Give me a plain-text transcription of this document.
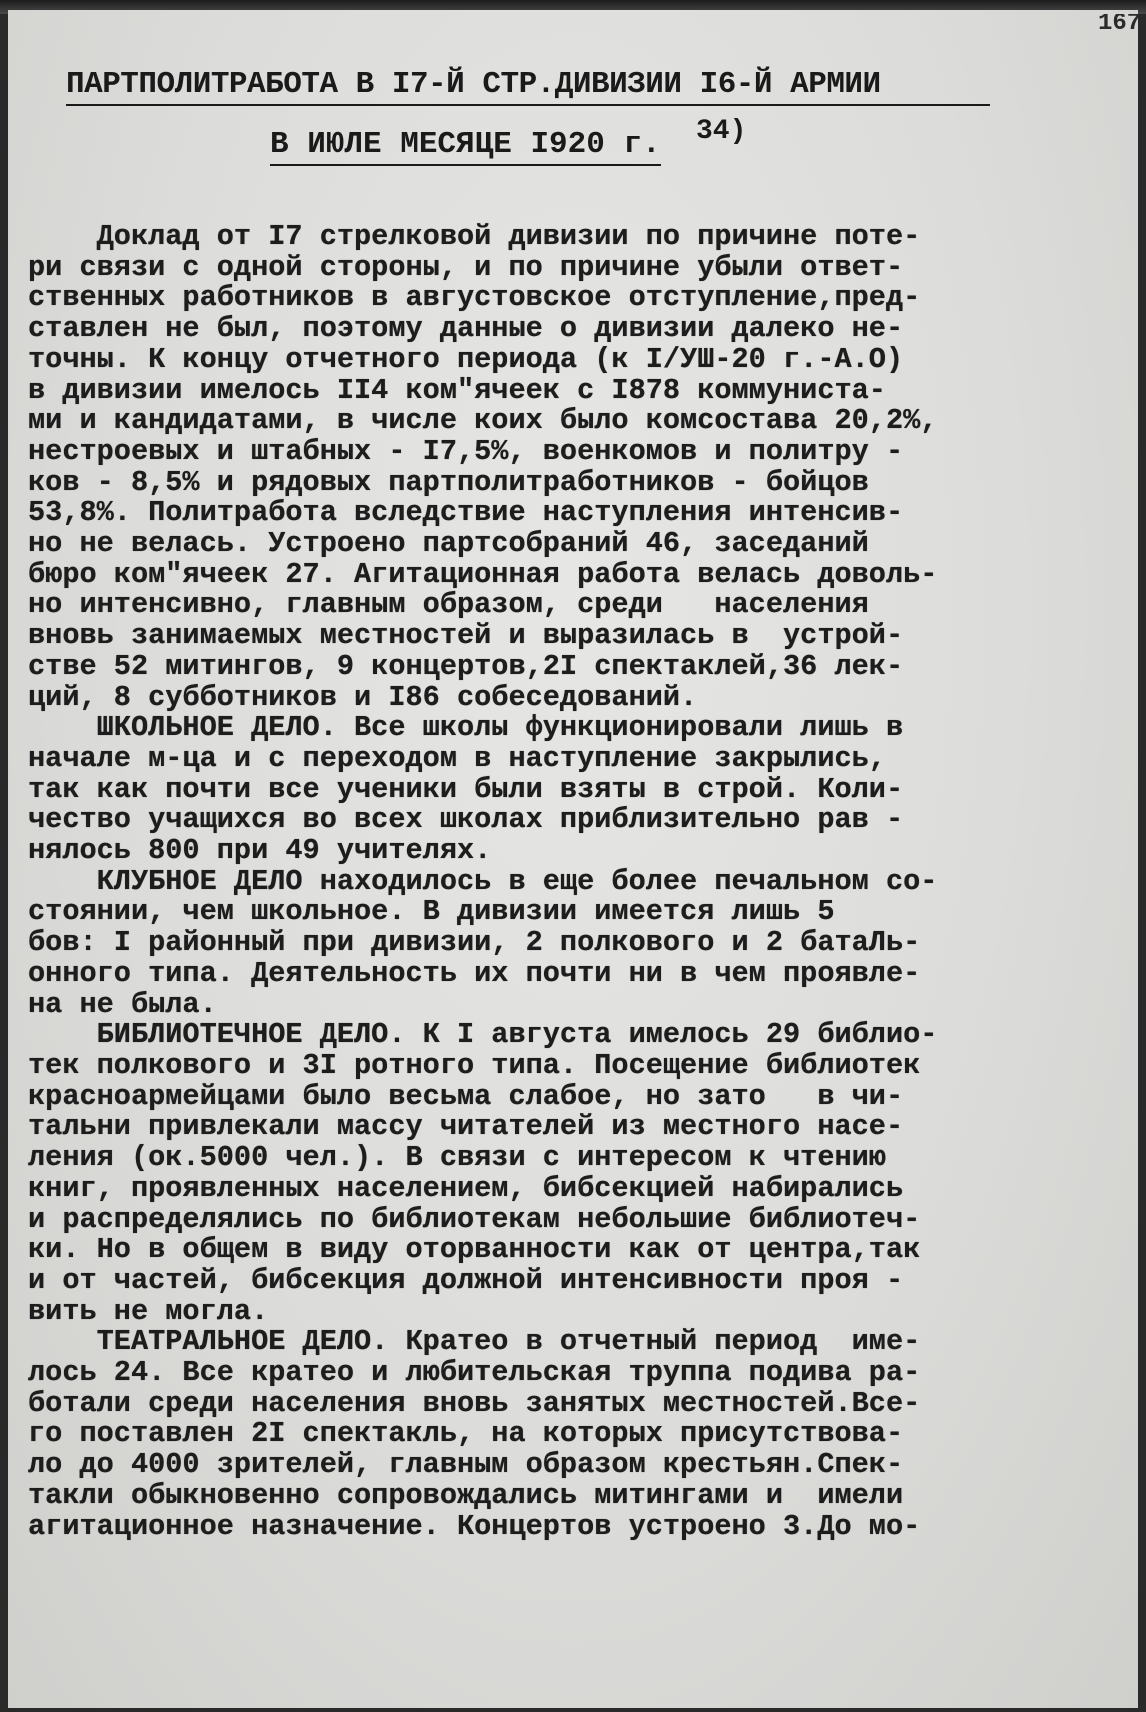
167
ПАРТПОЛИТРАБОТА В I7-Й СТР.ДИВИЗИИ I6-Й АРМИИ
В ИЮЛЕ МЕСЯЦЕ I920 г. 34)
Доклад от I7 стрелковой дивизии по причине поте-
ри связи с одной стороны, и по причине убыли ответ-
ственных работников в августовское отступление,пред-
ставлен не был, поэтому данные о дивизии далеко не-
точны. К концу отчетного периода (к I/УШ-20 г.-А.О)
в дивизии имелось II4 ком"ячеек с I878 коммуниста-
ми и кандидатами, в числе коих было комсостава 20,2%,
нестроевых и штабных - I7,5%, военкомов и политру -
ков - 8,5% и рядовых партполитработников - бойцов
53,8%. Политработа вследствие наступления интенсив-
но не велась. Устроено партсобраний 46, заседаний
бюро ком"ячеек 27. Агитационная работа велась доволь-
но интенсивно, главным образом, среди   населения
вновь занимаемых местностей и выразилась в  устрой-
стве 52 митингов, 9 концертов,2I спектаклей,36 лек-
ций, 8 субботников и I86 собеседований.
ШКОЛЬНОЕ ДЕЛО. Все школы функционировали лишь в
начале м-ца и с переходом в наступление закрылись,
так как почти все ученики были взяты в строй. Коли-
чество учащихся во всех школах приблизительно рав -
нялось 800 при 49 учителях.
КЛУБНОЕ ДЕЛО находилось в еще более печальном со-
стоянии, чем школьное. В дивизии имеется лишь 5
бов: I районный при дивизии, 2 полкового и 2 батаЛь-
онного типа. Деятельность их почти ни в чем проявле-
на не была.
БИБЛИОТЕЧНОЕ ДЕЛО. К I августа имелось 29 библио-
тек полкового и 3I ротного типа. Посещение библиотек
красноармейцами было весьма слабое, но зато   в чи-
тальни привлекали массу читателей из местного насе-
ления (ок.5000 чел.). В связи с интересом к чтению
книг, проявленных населением, бибсекцией набирались
и распределялись по библиотекам небольшие библиотеч-
ки. Но в общем в виду оторванности как от центра,так
и от частей, бибсекция должной интенсивности проя -
вить не могла.
ТЕАТРАЛЬНОЕ ДЕЛО. Кратео в отчетный период  име-
лось 24. Все кратео и любительская труппа подива ра-
ботали среди населения вновь занятых местностей.Все-
го поставлен 2I спектакль, на которых присутствова-
ло до 4000 зрителей, главным образом крестьян.Спек-
такли обыкновенно сопровождались митингами и  имели
агитационное назначение. Концертов устроено 3.До мо-
